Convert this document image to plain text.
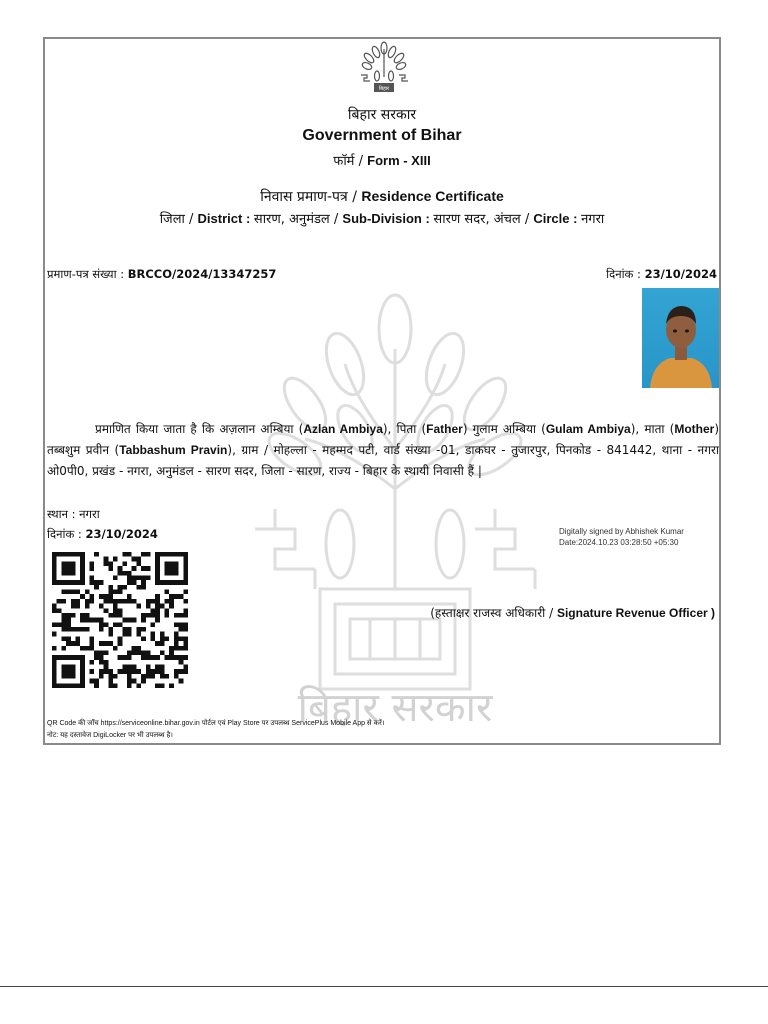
बिहार सरकार
बिहार
बिहार सरकार
Government of Bihar
फॉर्म / Form - XIII
निवास प्रमाण-पत्र / Residence Certificate
जिला / District : सारण, अनुमंडल / Sub-Division : सारण सदर, अंचल / Circle : नगरा
प्रमाण-पत्र संख्या : BRCCO/2024/13347257	दिनांक : 23/10/2024
प्रमाणित किया जाता है कि अज़लान अम्बिया (Azlan Ambiya), पिता (Father) गुलाम अम्बिया (Gulam Ambiya), माता (Mother) तब्बशुम प्रवीन (Tabbashum Pravin), ग्राम / मोहल्ला - महम्मद पटी, वार्ड संख्या -01, डाकघर - तुजारपुर, पिनकोड - 841442, थाना - नगरा ओ0पी0, प्रखंड - नगरा, अनुमंडल - सारण सदर, जिला - सारण, राज्य - बिहार के स्थायी निवासी हैं |
स्थान : नगरा
दिनांक : 23/10/2024	Digitally signed by Abhishek Kumar
Date:2024.10.23 03:28:50 +05:30
(हस्ताक्षर राजस्व अधिकारी / Signature Revenue Officer )
QR Code की जाँच https://serviceonline.bihar.gov.in पोर्टल एवं Play Store पर उपलब्ध ServicePlus Mobile App से करें।
नोट: यह दस्तावेज DigiLocker पर भी उपलब्ध है।
